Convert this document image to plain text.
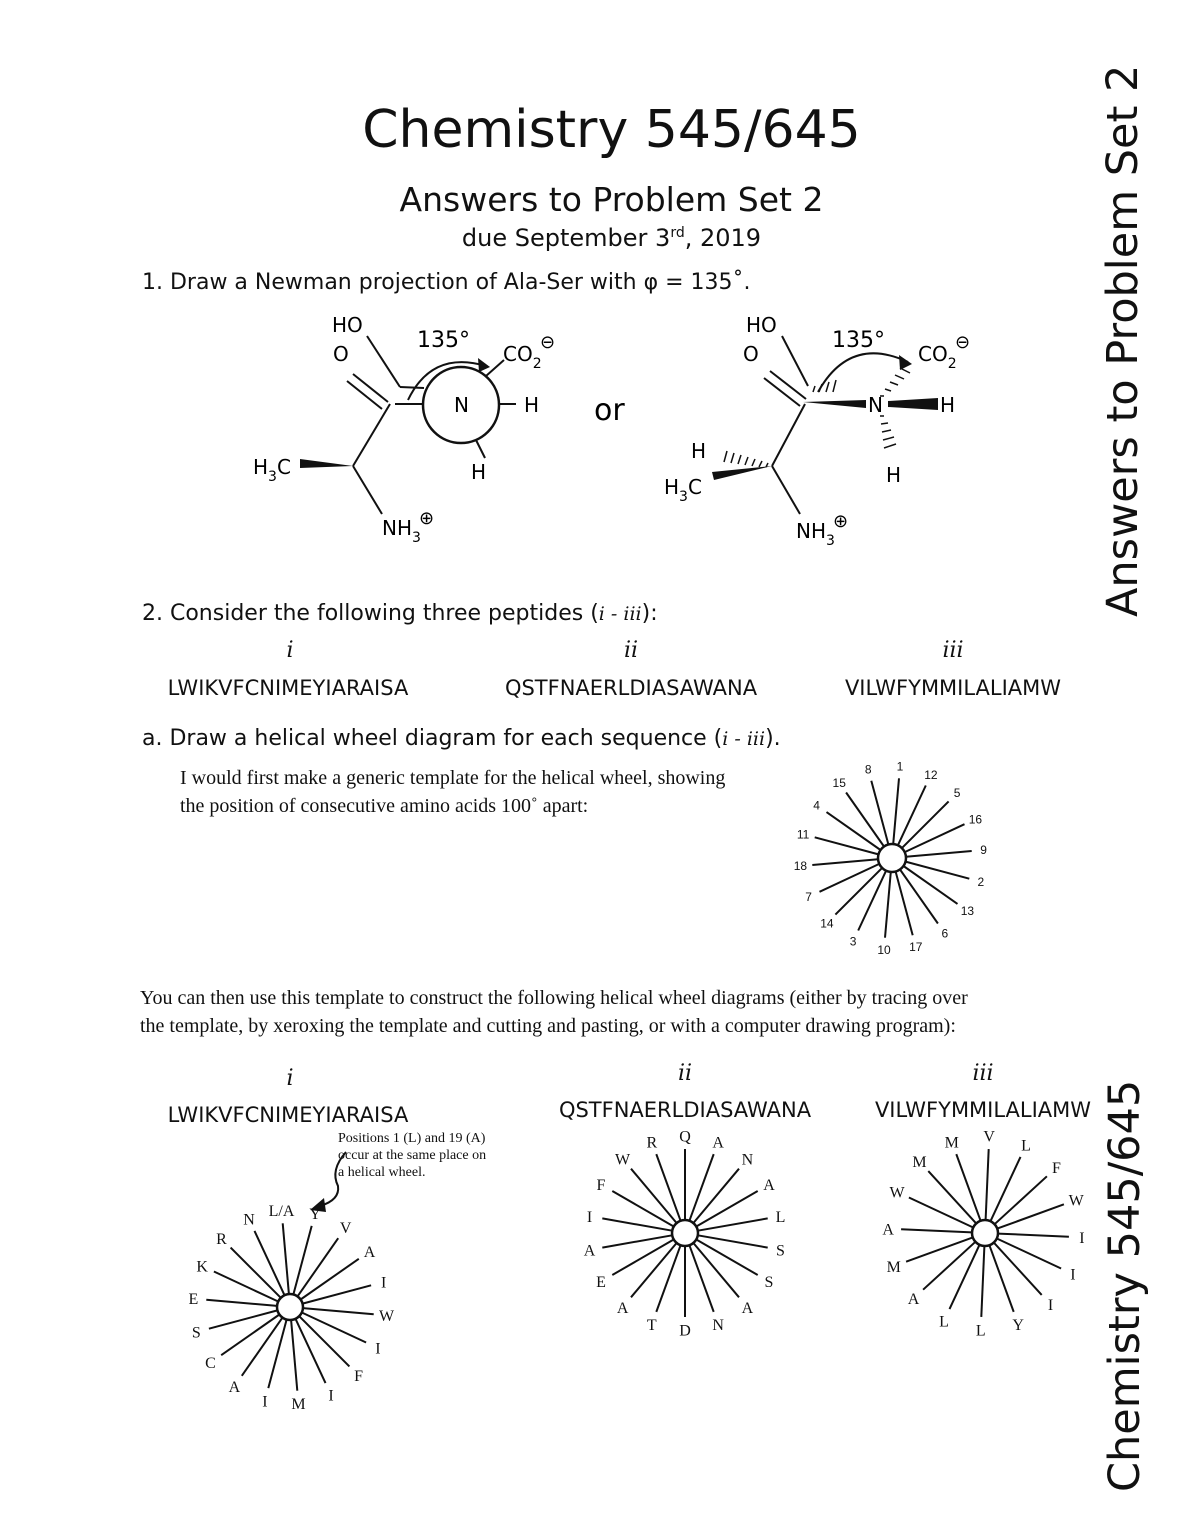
Chemistry 545/645
Answers to Problem Set 2
due September 3rd, 2019	Answers to Problem Set 2
Chemistry 545/645
1. Draw a Newman projection of Ala-Ser with φ = 135˚.
HO
O
135°
$CO_2$
⊖
N	H
H
$H_3C$
$NH_3$
⊕
or
HO
O
135°
$CO_2$
⊖
N	H
H
H
$H_3C$
$NH_3$
⊕
2. Consider the following three peptides (i - iii):
i	ii	iii
LWIKVFCNIMEYIARAISA	QSTFNAERLDIASAWANA	VILWFYMMILALIAMW
a. Draw a helical wheel diagram for each sequence (i - iii).
I would first make a generic template for the helical wheel, showing
the position of consecutive amino acids 100˚ apart:
1
12
5
16
9
2
13
6
17
10
3
14
7
18
11
4
15
8
You can then use this template to construct the following helical wheel diagrams (either by tracing over
the template, by xeroxing the template and cutting and pasting, or with a computer drawing program):
i	ii	iii
LWIKVFCNIMEYIARAISA	QSTFNAERLDIASAWANA	VILWFYMMILALIAMW
Positions 1 (L) and 19 (A)
occur at the same place on
a helical wheel.
N
L/A Y
V
A
I
W
I
F
I
M
I
A
C
S
E
K
R
R Q A
N
A
L
S
S
A
N
D
T
A
E
A
I
F
W
M V
L
F
W
I
I
I
Y
L
L
A
M
A
W
M
